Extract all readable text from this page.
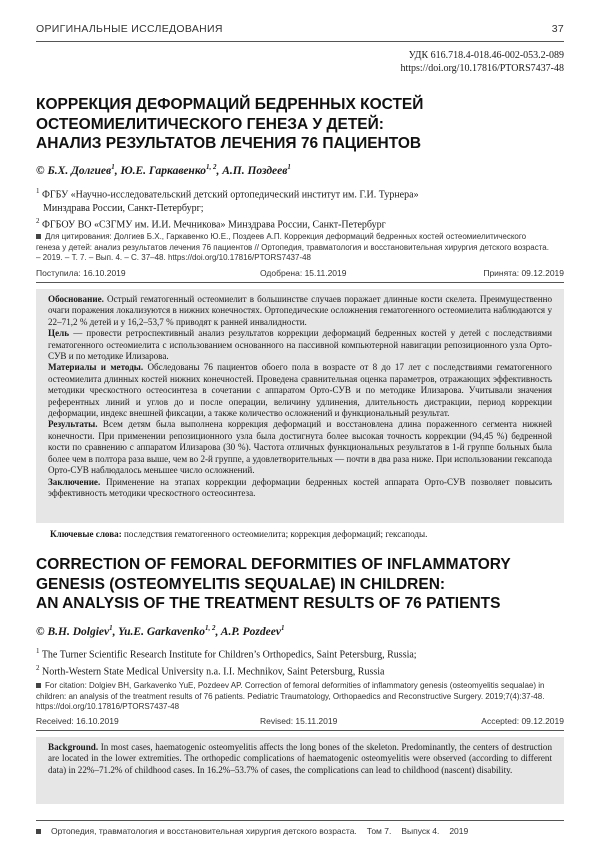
ОРИГИНАЛЬНЫЕ ИССЛЕДОВАНИЯ	37
УДК 616.718.4-018.46-002-053.2-089
https://doi.org/10.17816/PTORS7437-48
КОРРЕКЦИЯ ДЕФОРМАЦИЙ БЕДРЕННЫХ КОСТЕЙ
ОСТЕОМИЕЛИТИЧЕСКОГО ГЕНЕЗА У ДЕТЕЙ:
АНАЛИЗ РЕЗУЛЬТАТОВ ЛЕЧЕНИЯ 76 ПАЦИЕНТОВ
© Б.Х. Долгиев$^1$, Ю.Е. Гаркавенко$^{1, 2}$, А.П. Поздеев$^1$
$^1$ ФГБУ «Научно-исследовательский детский ортопедический институт им. Г.И. Турнера»
Минздрава России, Санкт-Петербург;
$^2$ ФГБОУ ВО «СЗГМУ им. И.И. Мечникова» Минздрава России, Санкт-Петербург
Для цитирования: Долгиев Б.Х., Гаркавенко Ю.Е., Поздеев А.П. Коррекция деформаций бедренных костей остеомиелитического
генеза у детей: анализ результатов лечения 76 пациентов // Ортопедия, травматология и восстановительная хирургия детского возраста.
– 2019. – Т. 7. – Вып. 4. – С. 37–48. https://doi.org/10.17816/PTORS7437-48
Поступила: 16.10.2019	Одобрена: 15.11.2019	Принята: 09.12.2019

Обоснование. Острый гематогенный остеомиелит в большинстве случаев поражает длинные кости скелета. Преимущественно очаги поражения локализуются в нижних конечностях. Ортопедические осложнения гематогенного остеомиелита наблюдаются у 22–71,2 % детей и у 16,2–53,7 % приводят к ранней инвалидности.

Цель — провести ретроспективный анализ результатов коррекции деформаций бедренных костей у детей с последствиями гематогенного остеомиелита с использованием основанного на пассивной компьютерной навигации репозиционного узла Орто-СУВ и по методике Илизарова.

Материалы и методы. Обследованы 76 пациентов обоего пола в возрасте от 8 до 17 лет с последствиями гематогенного остеомиелита длинных костей нижних конечностей. Проведена сравнительная оценка параметров, отражающих эффективность методики чрескостного остеосинтеза в сочетании с аппаратом Орто-СУВ и по методике Илизарова. Учитывали значения референтных линий и углов до и после операции, величину удлинения, длительность дистракции, период коррекции деформации, индекс внешней фиксации, а также количество осложнений и функциональный результат.

Результаты. Всем детям была выполнена коррекция деформаций и восстановлена длина пораженного сегмента нижней конечности. При применении репозиционного узла была достигнута более высокая точность коррекции (94,45 %) бедренной кости по сравнению с аппаратом Илизарова (30 %). Частота отличных функциональных результатов в 1-й группе больных была более чем в полтора раза выше, чем во 2-й группе, а удовлетворительных — почти в два раза ниже. При использовании гексапода Орто-СУВ наблюдалось меньшее число осложнений.

Заключение. Применение на этапах коррекции деформации бедренных костей аппарата Орто-СУВ позволяет повысить эффективность методики чрескостного остеосинтеза.

Ключевые слова: последствия гематогенного остеомиелита; коррекция деформаций; гексаподы.
CORRECTION OF FEMORAL DEFORMITIES OF INFLAMMATORY
GENESIS (OSTEOMYELITIS SEQUALAE) IN CHILDREN:
AN ANALYSIS OF THE TREATMENT RESULTS OF 76 PATIENTS
© B.H. Dolgiev$^1$, Yu.E. Garkavenko$^{1, 2}$, A.P. Pozdeev$^1$
$^1$ The Turner Scientific Research Institute for Children’s Orthopedics, Saint Petersburg, Russia;
$^2$ North-Western State Medical University n.a. I.I. Mechnikov, Saint Petersburg, Russia
For citation: Dolgiev BH, Garkavenko YuE, Pozdeev AP. Correction of femoral deformities of inflammatory genesis (osteomyelitis sequalae) in
children: an analysis of the treatment results of 76 patients. Pediatric Traumatology, Orthopaedics and Reconstructive Surgery. 2019;7(4):37-48.
https://doi.org/10.17816/PTORS7437-48
Received: 16.10.2019	Revised: 15.11.2019	Accepted: 09.12.2019

Background. In most cases, haematogenic osteomyelitis affects the long bones of the skeleton. Predominantly, the centers of destruction are located in the lower extremities. The orthopedic complications of haematogenic osteomyelitis were observed (according to different data) in 22%–71.2% of childhood cases. In 16.2%–53.7% of cases, the complications can lead to childhood (nascent) disability.

Ортопедия, травматология и восстановительная хирургия детского возраста. Том 7. Выпуск 4. 2019
